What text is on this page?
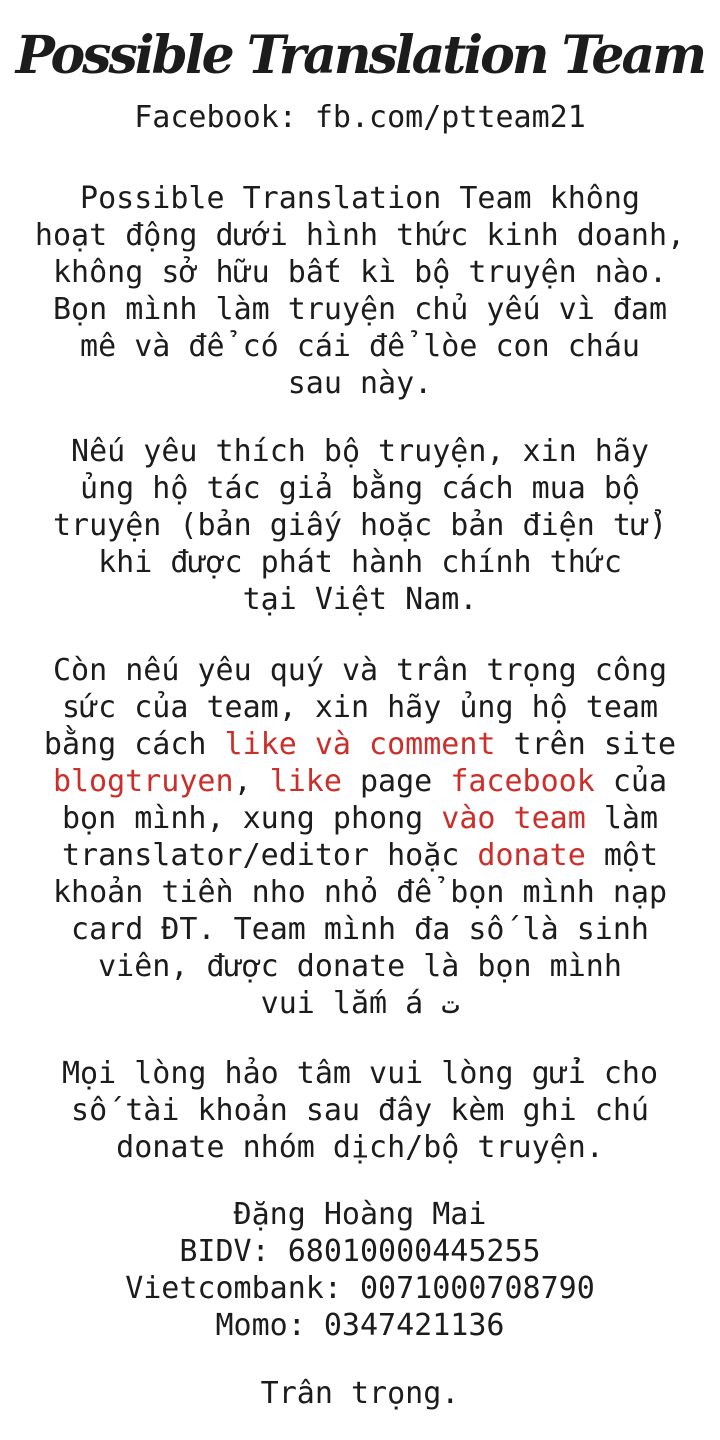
Possible Translation Team
Facebook: fb.com/ptteam21
Possible Translation Team không
hoạt động dưới hình thức kinh doanh,
không sở hữu bất kì bộ truyện nào.
Bọn mình làm truyện chủ yếu vì đam
mê và để có cái để lòe con cháu
sau này.
Nếu yêu thích bộ truyện, xin hãy
ủng hộ tác giả bằng cách mua bộ
truyện (bản giấy hoặc bản điện tử)
khi được phát hành chính thức
tại Việt Nam.
Còn nếu yêu quý và trân trọng công
sức của team, xin hãy ủng hộ team
bằng cách like và comment trên site
blogtruyen, like page facebook của
bọn mình, xung phong vào team làm
translator/editor hoặc donate một
khoản tiền nho nhỏ để bọn mình nạp
card ĐT. Team mình đa số là sinh
viên, được donate là bọn mình
vui lắm á ت
Mọi lòng hảo tâm vui lòng gửi cho
số tài khoản sau đây kèm ghi chú
donate nhóm dịch/bộ truyện.
Đặng Hoàng Mai
BIDV: 68010000445255
Vietcombank: 0071000708790
Momo: 0347421136
Trân trọng.
